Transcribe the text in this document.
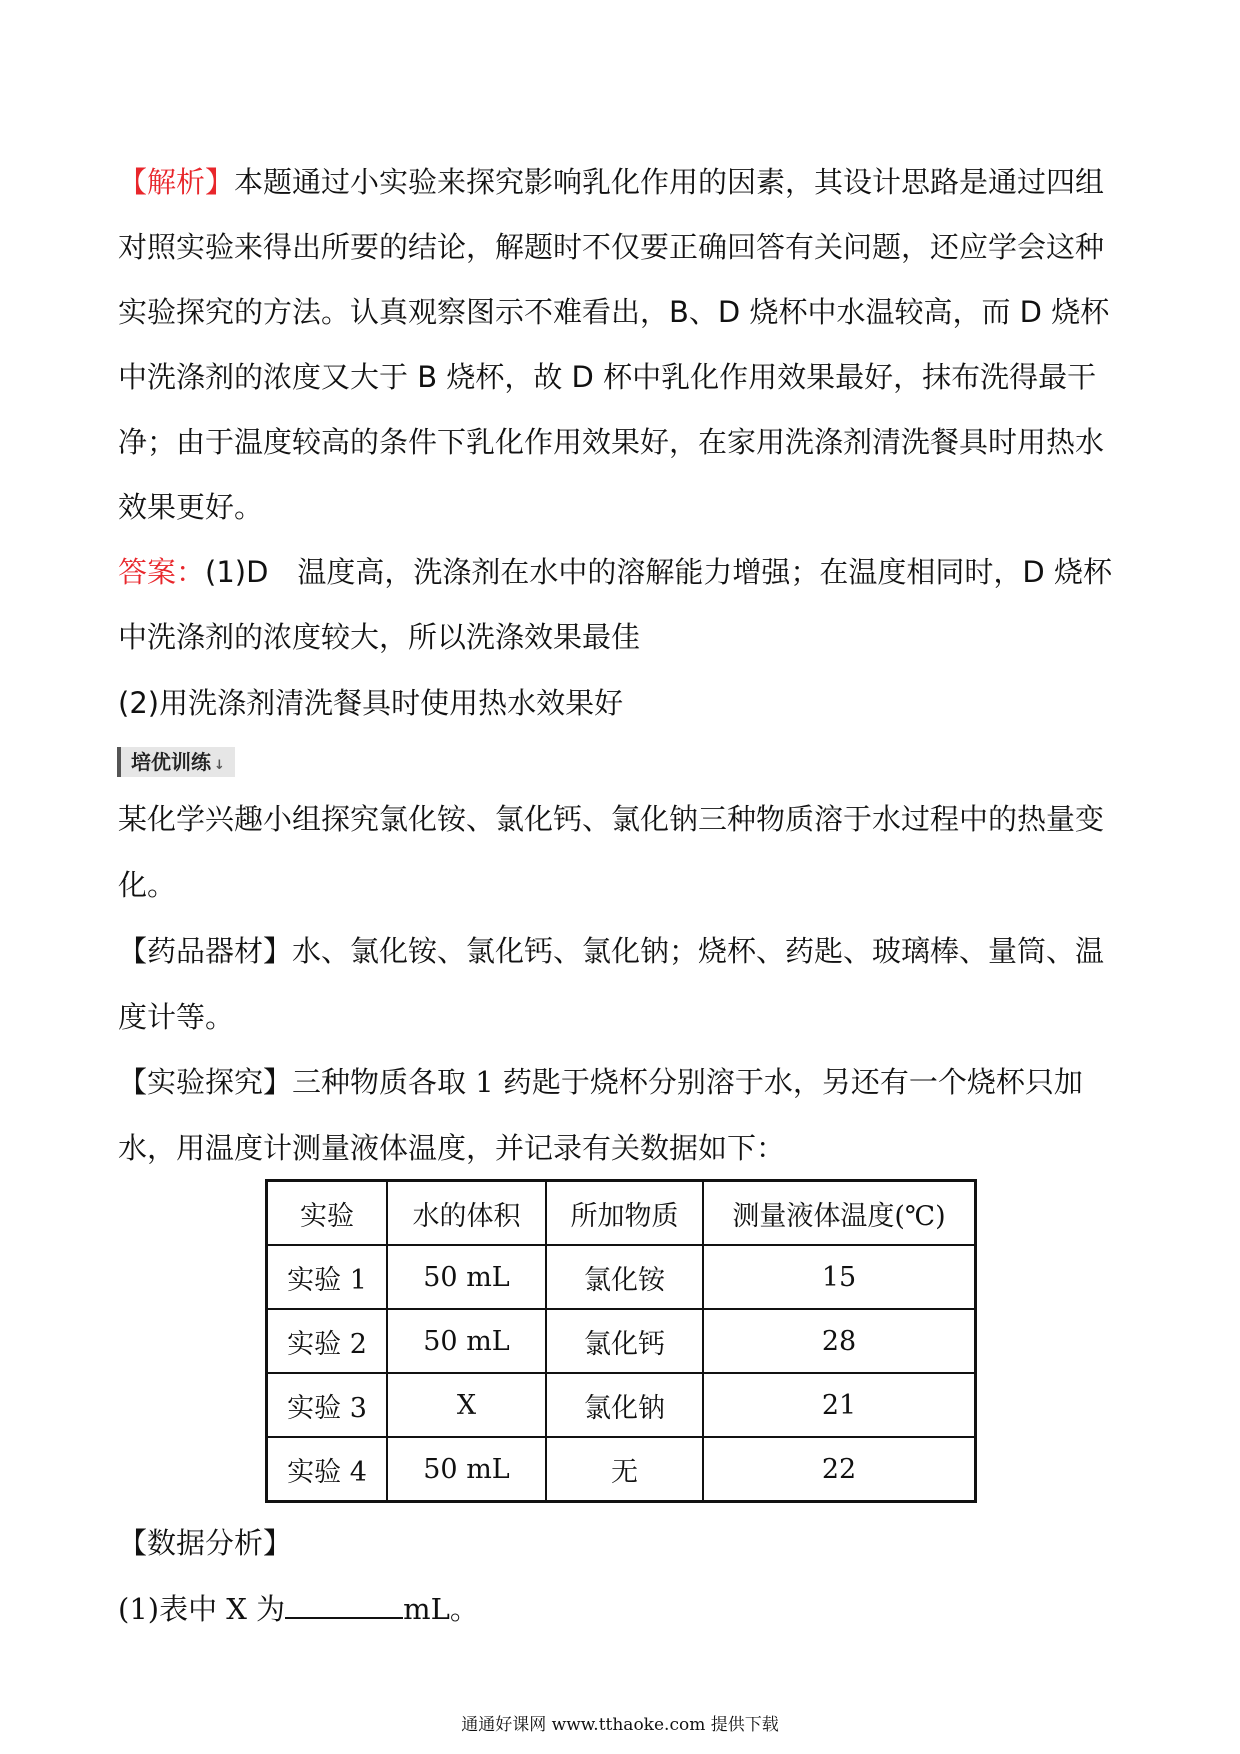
【解析】本题通过小实验来探究影响乳化作用的因素，其设计思路是通过四组对照实验来得出所要的结论，解题时不仅要正确回答有关问题，还应学会这种实验探究的方法。认真观察图示不难看出，B、D 烧杯中水温较高，而 D 烧杯中洗涤剂的浓度又大于 B 烧杯，故 D 杯中乳化作用效果最好，抹布洗得最干净；由于温度较高的条件下乳化作用效果好，在家用洗涤剂清洗餐具时用热水效果更好。

答案：(1)D　温度高，洗涤剂在水中的溶解能力增强；在温度相同时，D 烧杯中洗涤剂的浓度较大，所以洗涤效果最佳

(2)用洗涤剂清洗餐具时使用热水效果好

培优训练 ↓

某化学兴趣小组探究氯化铵、氯化钙、氯化钠三种物质溶于水过程中的热量变化。

【药品器材】水、氯化铵、氯化钙、氯化钠；烧杯、药匙、玻璃棒、量筒、温度计等。

【实验探究】三种物质各取 1 药匙于烧杯分别溶于水，另还有一个烧杯只加水，用温度计测量液体温度，并记录有关数据如下：

实验	水的体积	所加物质	测量液体温度(℃)
实验 1	50 mL	氯化铵	15
实验 2	50 mL	氯化钙	28
实验 3	X	氯化钠	21
实验 4	50 mL	无	22

【数据分析】

(1)表中 X 为	mL。

通通好课网 www.tthaoke.com 提供下载
